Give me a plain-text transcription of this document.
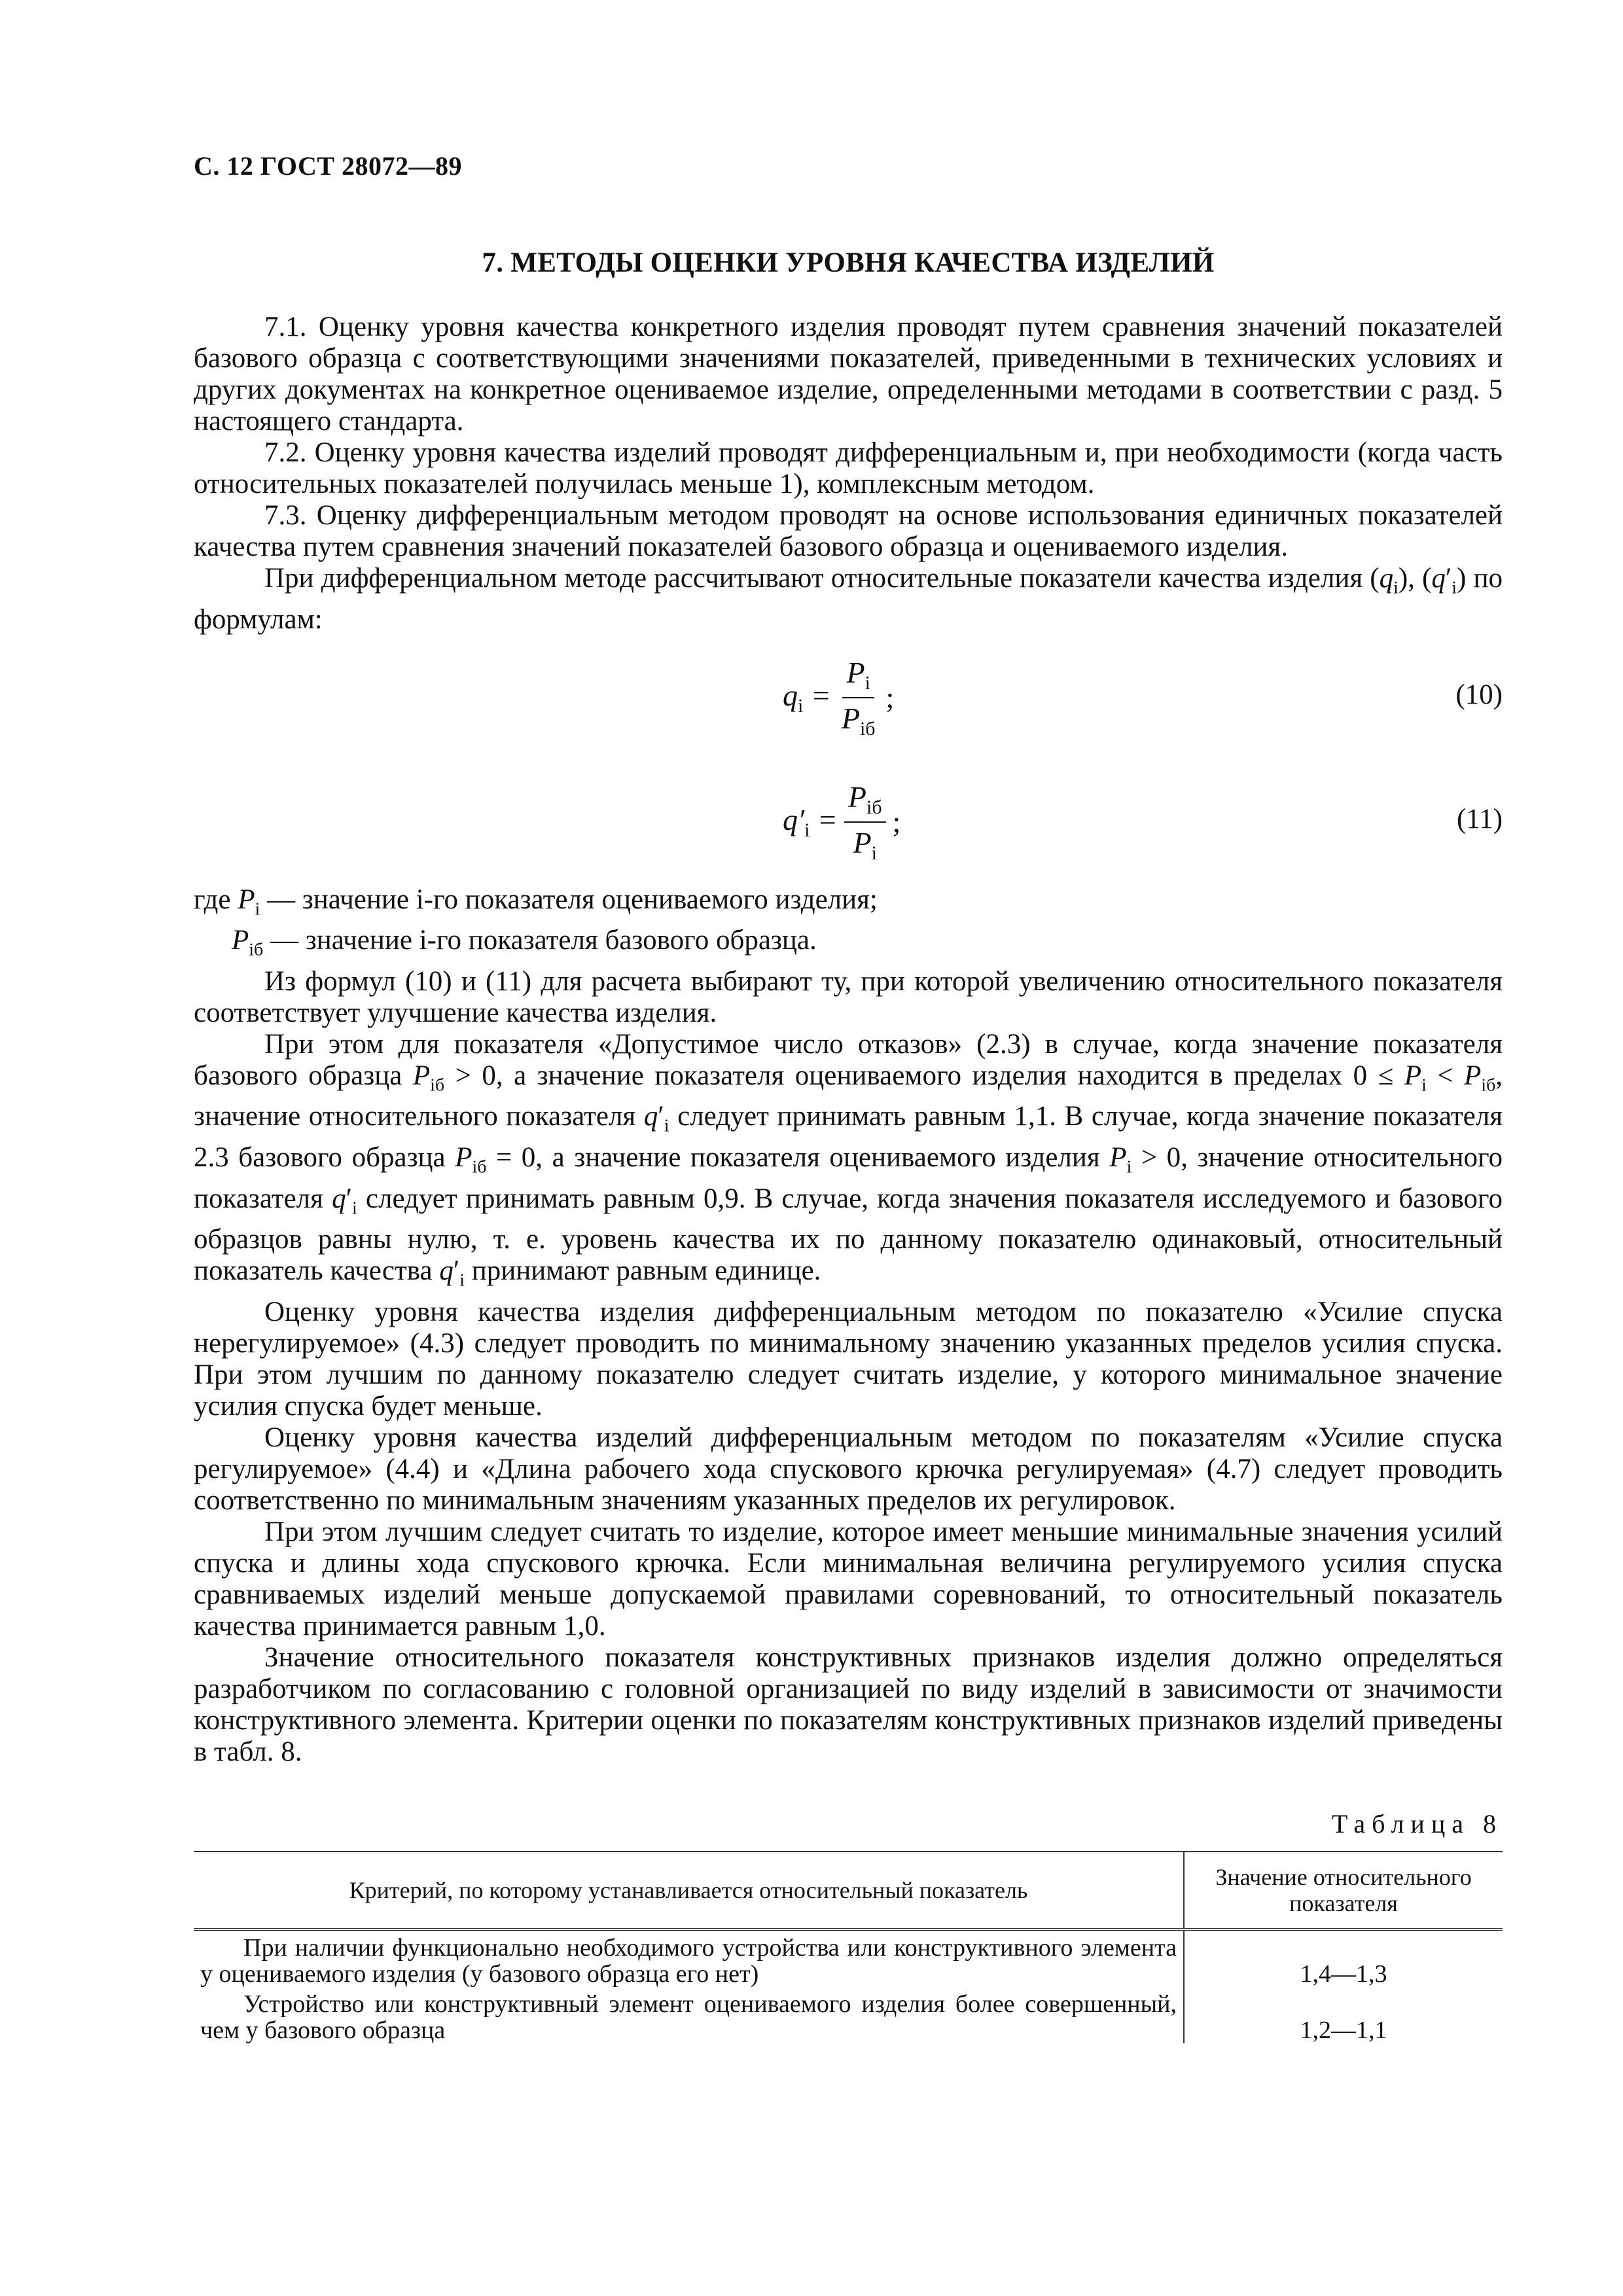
С. 12 ГОСТ 28072—89
7. МЕТОДЫ ОЦЕНКИ УРОВНЯ КАЧЕСТВА ИЗДЕЛИЙ

7.1. Оценку уровня качества конкретного изделия проводят путем сравнения значений показателей базового образца с соответствующими значениями показателей, приведенными в технических условиях и других документах на конкретное оцениваемое изделие, определенными методами в соответствии с разд. 5 настоящего стандарта.

7.2. Оценку уровня качества изделий проводят дифференциальным и, при необходимости (когда часть относительных показателей получилась меньше 1), комплексным методом.

7.3. Оценку дифференциальным методом проводят на основе использования единичных показателей качества путем сравнения значений показателей базового образца и оцениваемого изделия.

При дифференциальном методе рассчитывают относительные показатели качества изделия $(q_i)$, $(q'_i)$ по формулам:

$q_i = \frac{P_i}{P_{iб}}$ ;	(10)
$q'_i = \frac{P_{iб}}{P_i}$ ;	(11)

где $P_i$ — значение i-го показателя оцениваемого изделия;

$P_{iб}$ — значение i-го показателя базового образца.

Из формул (10) и (11) для расчета выбирают ту, при которой увеличению относительного показателя соответствует улучшение качества изделия.

При этом для показателя «Допустимое число отказов» (2.3) в случае, когда значение показателя базового образца $P_{iб} > 0$, а значение показателя оцениваемого изделия находится в пределах $0 \le P_i < P_{iб}$, значение относительного показателя $q'_i$ следует принимать равным 1,1. В случае, когда значение показателя 2.3 базового образца $P_{iб} = 0$, а значение показателя оцениваемого изделия $P_i > 0$, значение относительного показателя $q'_i$ следует принимать равным 0,9. В случае, когда значения показателя исследуемого и базового образцов равны нулю, т. е. уровень качества их по данному показателю одинаковый, относительный показатель качества $q'_i$ принимают равным единице.

Оценку уровня качества изделия дифференциальным методом по показателю «Усилие спуска нерегулируемое» (4.3) следует проводить по минимальному значению указанных пределов усилия спуска. При этом лучшим по данному показателю следует считать изделие, у которого минимальное значение усилия спуска будет меньше.

Оценку уровня качества изделий дифференциальным методом по показателям «Усилие спуска регулируемое» (4.4) и «Длина рабочего хода спускового крючка регулируемая» (4.7) следует проводить соответственно по минимальным значениям указанных пределов их регулировок.

При этом лучшим следует считать то изделие, которое имеет меньшие минимальные значения усилий спуска и длины хода спускового крючка. Если минимальная величина регулируемого усилия спуска сравниваемых изделий меньше допускаемой правилами соревнований, то относительный показатель качества принимается равным 1,0.

Значение относительного показателя конструктивных признаков изделия должно определяться разработчиком по согласованию с головной организацией по виду изделий в зависимости от значимости конструктивного элемента. Критерии оценки по показателям конструктивных признаков изделий приведены в табл. 8.

Таблица 8
Критерий, по которому устанавливается относительный показатель	Значение относительного показателя

При наличии функционально необходимого устройства или конструктивного элемента у оцениваемого изделия (у базового образца его нет)	1,4—1,3

Устройство или конструктивный элемент оцениваемого изделия более совершенный, чем у базового образца	1,2—1,1
